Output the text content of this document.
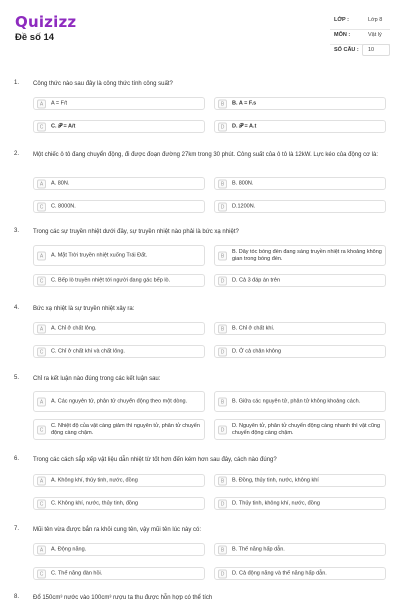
Quizizz
Đề số 14
LỚP :	Lớp 8
MÔN :	Vật lý
SỐ CÂU : 10
1. Công thức nào sau đây là công thức tính công suất?
A	A = F/t	B	B. A = F.s
C	C. 𝒫 = A/t	D	D. 𝒫 = A.t
2. Một chiếc ô tô đang chuyển động, đi được đoạn đường 27km trong 30 phút. Công suất của ô tô là 12kW. Lực kéo của động cơ là:
A	A. 80N.	B	B. 800N.
C	C. 8000N.	D	D.1200N.
3. Trong các sự truyền nhiệt dưới đây, sự truyền nhiệt nào phải là bức xạ nhiệt?
A	A. Mặt Trời truyền nhiệt xuống Trái Đất.	B
B. Dây tóc bóng đèn đang sáng truyền nhiệt ra khoảng không gian trong bóng đèn.
C	C. Bếp lò truyền nhiệt tới người đang gác bếp lò.	D	D. Cả 3 đáp án trên
4. Bức xạ nhiệt là sự truyền nhiệt xảy ra:
A	A. Chỉ ở chất lỏng.	B	B. Chỉ ở chất khí.
C	C. Chỉ ở chất khí và chất lỏng.	D	D. Ở cả chân không
5. Chỉ ra kết luận nào đúng trong các kết luận sau:
A	A. Các nguyên tử, phân tử chuyển động theo một dòng.	B	B. Giữa các nguyên tử, phân tử không khoảng cách.
C
C. Nhiệt độ của vật càng giảm thì nguyên tử, phân tử chuyển động càng chậm.	D
D. Nguyên tử, phân tử chuyển động càng nhanh thì vật cũng chuyển động càng chậm.
6. Trong các cách sắp xếp vật liệu dẫn nhiệt từ tốt hơn đến kém hơn sau đây, cách nào đúng?
A	A. Không khí, thủy tinh, nước, đồng	B	B. Đồng, thủy tinh, nước, không khí
C	C. Không khí, nước, thủy tinh, đồng	D	D. Thủy tinh, không khí, nước, đồng
7. Mũi tên vừa được bắn ra khỏi cung tên, vậy mũi tên lúc này có:
A	A. Động năng.	B	B. Thế năng hấp dẫn.
C	C. Thế năng đàn hồi.	D	D. Cả động năng và thế năng hấp dẫn.
8. Đổ 150cm³ nước vào 100cm³ rượu ta thu được hỗn hợp có thể tích
